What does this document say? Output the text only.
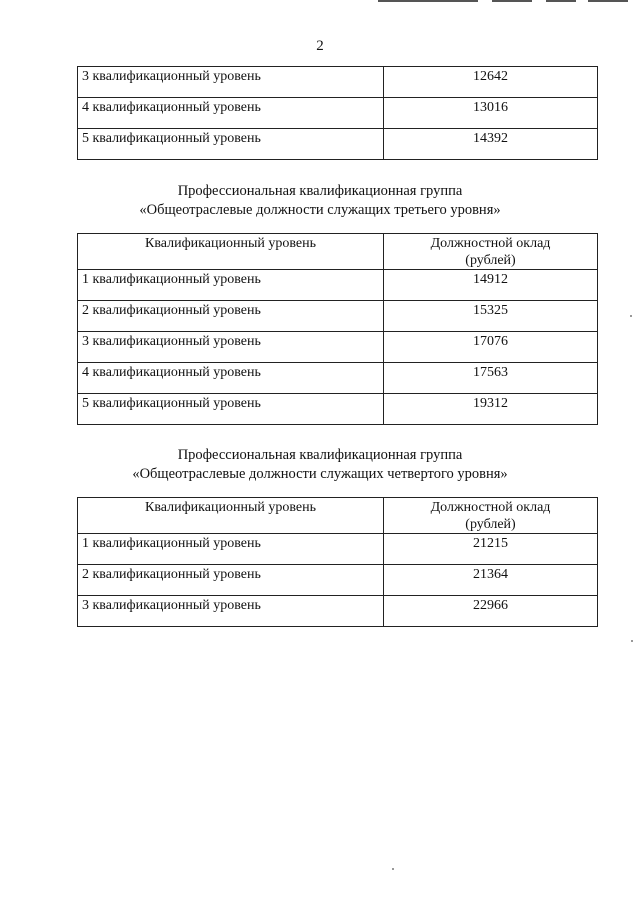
2
3 квалификационный уровень	12642
4 квалификационный уровень	13016
5 квалификационный уровень	14392
Профессиональная квалификационная группа
«Общеотраслевые должности служащих третьего уровня»
Квалификационный уровень	Должностной оклад
(рублей)

1 квалификационный уровень	14912
2 квалификационный уровень	15325
3 квалификационный уровень	17076
4 квалификационный уровень	17563
5 квалификационный уровень	19312
Профессиональная квалификационная группа
«Общеотраслевые должности служащих четвертого уровня»
Квалификационный уровень	Должностной оклад
(рублей)

1 квалификационный уровень	21215
2 квалификационный уровень	21364
3 квалификационный уровень	22966
